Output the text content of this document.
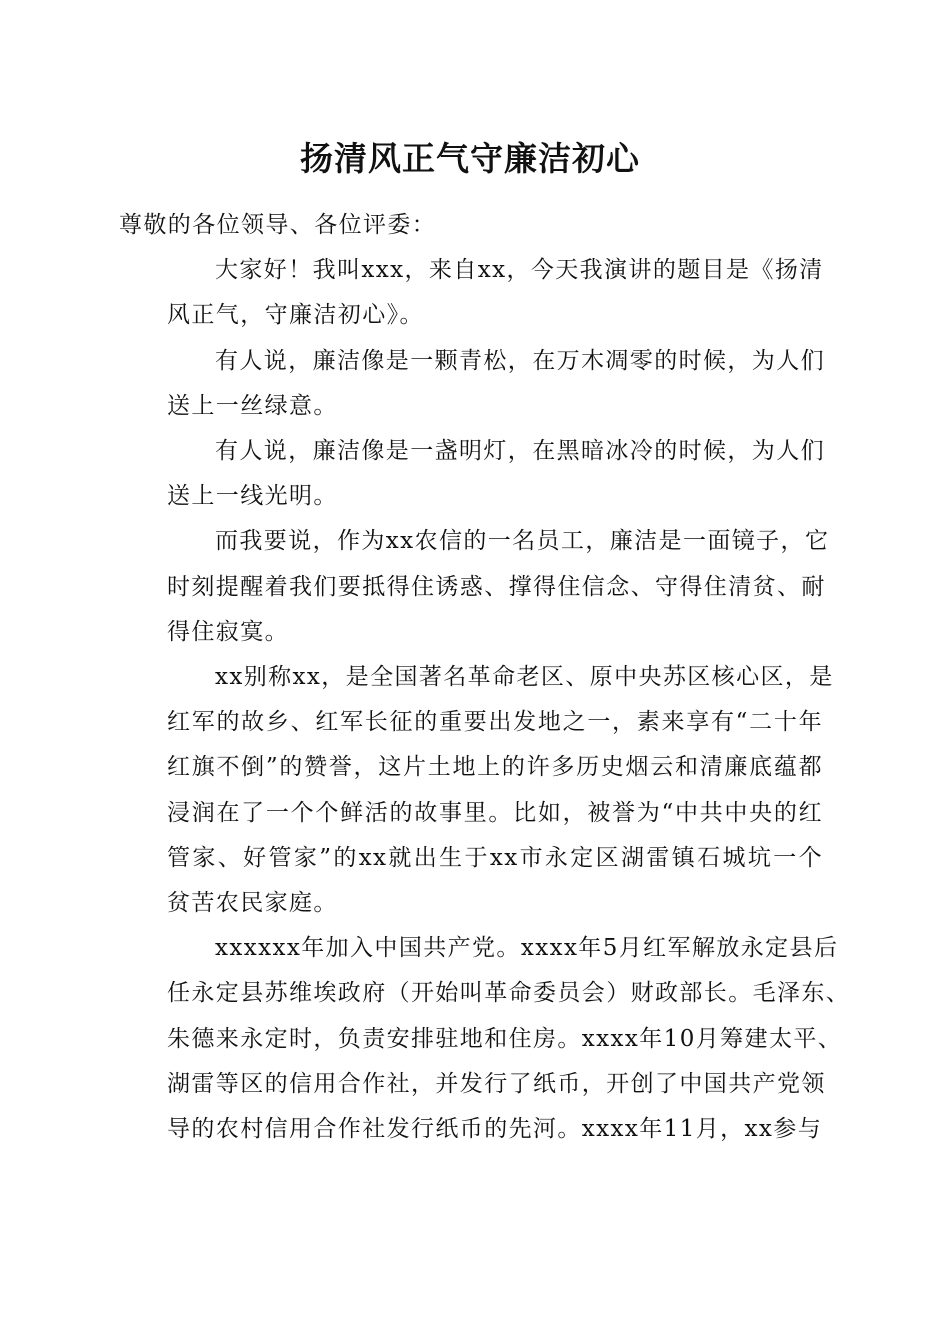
扬清风正气守廉洁初心

尊敬的各位领导、各位评委：

大家好！我叫xxx，来自xx，今天我演讲的题目是《扬清
风正气，守廉洁初心》。

有人说，廉洁像是一颗青松，在万木凋零的时候，为人们
送上一丝绿意。

有人说，廉洁像是一盏明灯，在黑暗冰冷的时候，为人们
送上一线光明。

而我要说，作为xx农信的一名员工，廉洁是一面镜子，它
时刻提醒着我们要抵得住诱惑、撑得住信念、守得住清贫、耐
得住寂寞。

xx别称xx，是全国著名革命老区、原中央苏区核心区，是
红军的故乡、红军长征的重要出发地之一，素来享有“二十年
红旗不倒”的赞誉，这片土地上的许多历史烟云和清廉底蕴都
浸润在了一个个鲜活的故事里。比如，被誉为“中共中央的红
管家、好管家”的xx就出生于xx市永定区湖雷镇石城坑一个
贫苦农民家庭。

xxxxxx年加入中国共产党。xxxx年5月红军解放永定县后
任永定县苏维埃政府（开始叫革命委员会）财政部长。毛泽东、
朱德来永定时，负责安排驻地和住房。xxxx年10月筹建太平、
湖雷等区的信用合作社，并发行了纸币，开创了中国共产党领
导的农村信用合作社发行纸币的先河。xxxx年11月，xx参与
